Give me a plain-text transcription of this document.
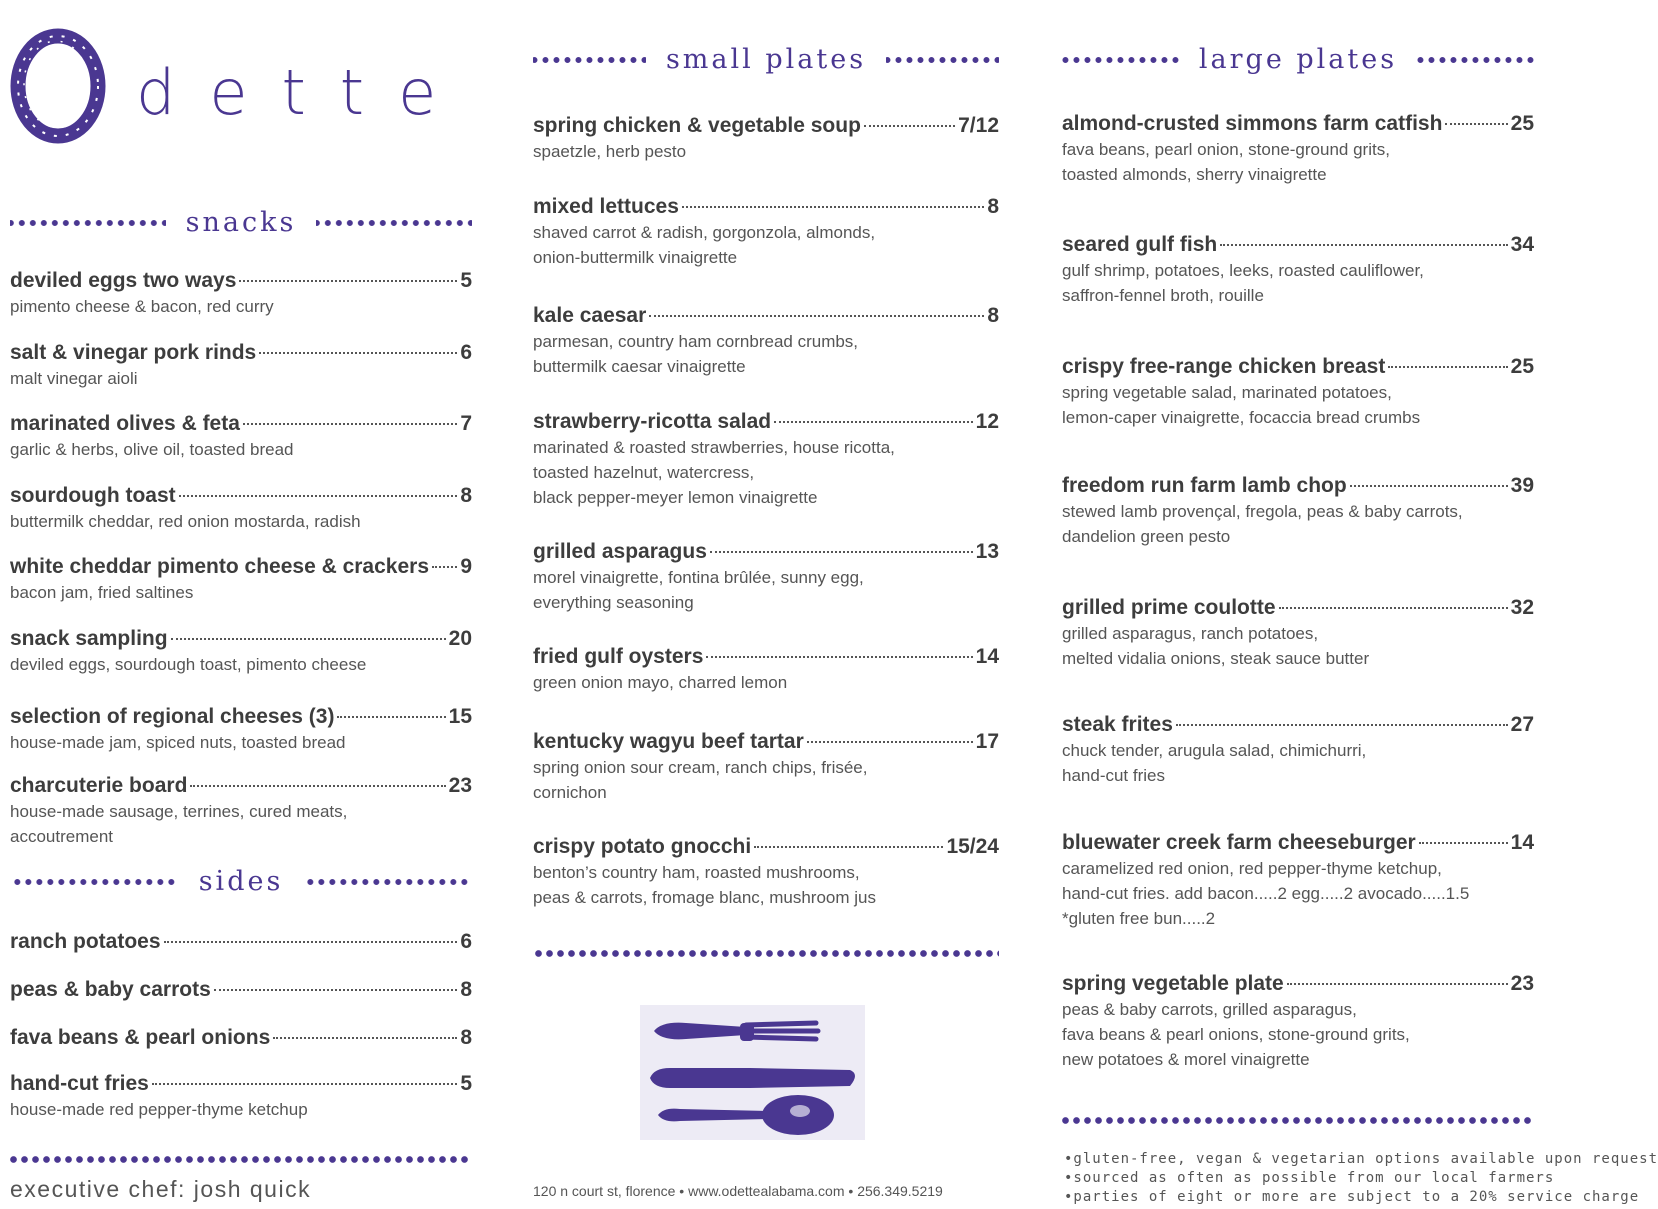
dette
snacks
deviled eggs two ways	5
pimento cheese & bacon, red curry
salt & vinegar pork rinds	6
malt vinegar aioli
marinated olives & feta	7
garlic & herbs, olive oil, toasted bread
sourdough toast	8
buttermilk cheddar, red onion mostarda, radish
white cheddar pimento cheese & crackers 9
bacon jam, fried saltines
snack sampling	20
deviled eggs, sourdough toast, pimento cheese
selection of regional cheeses (3)	15
house-made jam, spiced nuts, toasted bread
charcuterie board	23
house-made sausage, terrines, cured meats,
accoutrement
sides
ranch potatoes	6
peas & baby carrots	8
fava beans & pearl onions	8
hand-cut fries	5
house-made red pepper-thyme ketchup
executive chef: josh quick
small plates
spring chicken & vegetable soup	7/12
spaetzle, herb pesto
mixed lettuces	8
shaved carrot & radish, gorgonzola, almonds,
onion-buttermilk vinaigrette
kale caesar	8
parmesan, country ham cornbread crumbs,
buttermilk caesar vinaigrette
strawberry-ricotta salad	12
marinated & roasted strawberries, house ricotta,
toasted hazelnut, watercress,
black pepper-meyer lemon vinaigrette
grilled asparagus	13
morel vinaigrette, fontina brûlée, sunny egg,
everything seasoning
fried gulf oysters	14
green onion mayo, charred lemon
kentucky wagyu beef tartar	17
spring onion sour cream, ranch chips, frisée,
cornichon
crispy potato gnocchi	15/24
benton’s country ham, roasted mushrooms,
peas & carrots, fromage blanc, mushroom jus
120 n court st, florence • www.odettealabama.com • 256.349.5219
large plates
almond-crusted simmons farm catfish	25
fava beans, pearl onion, stone-ground grits,
toasted almonds, sherry vinaigrette
seared gulf fish	34
gulf shrimp, potatoes, leeks, roasted cauliflower,
saffron-fennel broth, rouille
crispy free-range chicken breast	25
spring vegetable salad, marinated potatoes,
lemon-caper vinaigrette, focaccia bread crumbs
freedom run farm lamb chop	39
stewed lamb provençal, fregola, peas & baby carrots,
dandelion green pesto
grilled prime coulotte	32
grilled asparagus, ranch potatoes,
melted vidalia onions, steak sauce butter
steak frites	27
chuck tender, arugula salad, chimichurri,
hand-cut fries
bluewater creek farm cheeseburger	14
caramelized red onion, red pepper-thyme ketchup,
hand-cut fries. add bacon.....2 egg.....2 avocado.....1.5
*gluten free bun.....2
spring vegetable plate	23
peas & baby carrots, grilled asparagus,
fava beans & pearl onions, stone-ground grits,
new potatoes & morel vinaigrette
•gluten-free, vegan & vegetarian options available upon request
•sourced as often as possible from our local farmers
•parties of eight or more are subject to a 20% service charge
